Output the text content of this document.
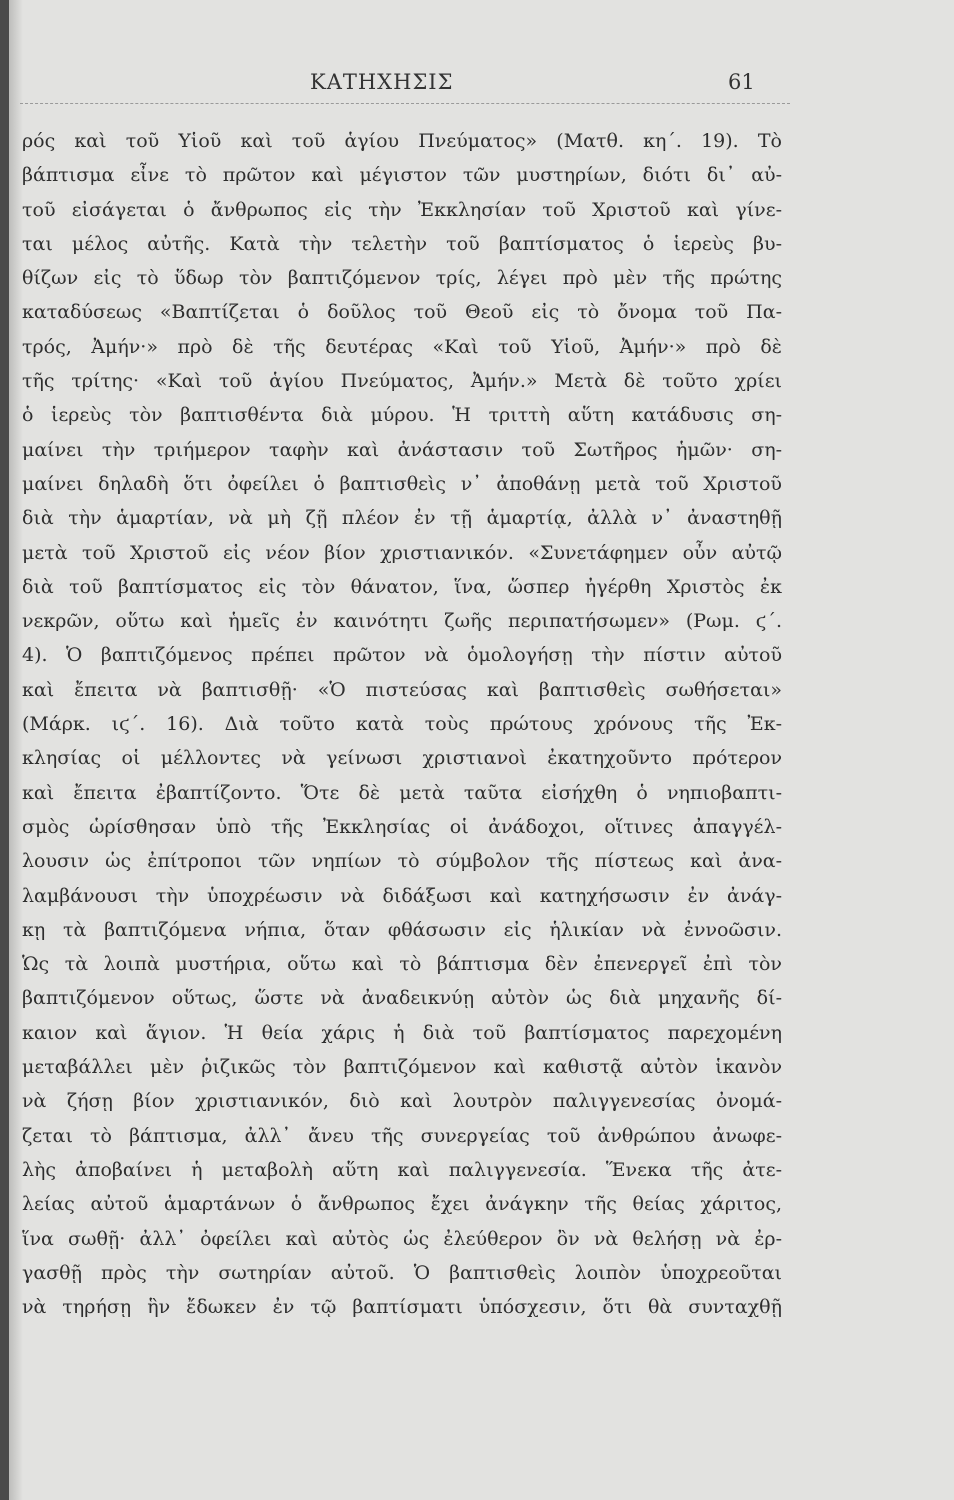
ΚΑΤΗΧΗΣΙΣ	61
ρός καὶ τοῦ Υἱοῦ καὶ τοῦ ἁγίου Πνεύματος» (Ματθ. κη΄. 19). Τὸ
βάπτισμα εἶνε τὸ πρῶτον καὶ μέγιστον τῶν μυστηρίων, διότι δι᾽ αὐ-
τοῦ εἰσάγεται ὁ ἄνθρωπος εἰς τὴν Ἐκκλησίαν τοῦ Χριστοῦ καὶ γίνε-
ται μέλος αὐτῆς. Κατὰ τὴν τελετὴν τοῦ βαπτίσματος ὁ ἱερεὺς βυ-
θίζων εἰς τὸ ὕδωρ τὸν βαπτιζόμενον τρίς, λέγει πρὸ μὲν τῆς πρώτης
καταδύσεως «Βαπτίζεται ὁ δοῦλος τοῦ Θεοῦ εἰς τὸ ὄνομα τοῦ Πα-
τρός, Ἀμήν·» πρὸ δὲ τῆς δευτέρας «Καὶ τοῦ Υἱοῦ, Ἀμήν·» πρὸ δὲ
τῆς τρίτης· «Καὶ τοῦ ἁγίου Πνεύματος, Ἀμήν.» Μετὰ δὲ τοῦτο χρίει
ὁ ἱερεὺς τὸν βαπτισθέντα διὰ μύρου. Ἡ τριττὴ αὕτη κατάδυσις ση-
μαίνει τὴν τριήμερον ταφὴν καὶ ἀνάστασιν τοῦ Σωτῆρος ἡμῶν· ση-
μαίνει δηλαδὴ ὅτι ὀφείλει ὁ βαπτισθεὶς ν᾽ ἀποθάνῃ μετὰ τοῦ Χριστοῦ
διὰ τὴν ἁμαρτίαν, νὰ μὴ ζῇ πλέον ἐν τῇ ἁμαρτίᾳ, ἀλλὰ ν᾽ ἀναστηθῇ
μετὰ τοῦ Χριστοῦ εἰς νέον βίον χριστιανικόν. «Συνετάφημεν οὖν αὐτῷ
διὰ τοῦ βαπτίσματος εἰς τὸν θάνατον, ἵνα, ὥσπερ ἠγέρθη Χριστὸς ἐκ
νεκρῶν, οὕτω καὶ ἡμεῖς ἐν καινότητι ζωῆς περιπατήσωμεν» (Ρωμ. ϛ΄.
4). Ὁ βαπτιζόμενος πρέπει πρῶτον νὰ ὁμολογήσῃ τὴν πίστιν αὐτοῦ
καὶ ἔπειτα νὰ βαπτισθῇ· «Ὁ πιστεύσας καὶ βαπτισθεὶς σωθήσεται»
(Μάρκ. ιϛ΄. 16). Διὰ τοῦτο κατὰ τοὺς πρώτους χρόνους τῆς Ἐκ-
κλησίας οἱ μέλλοντες νὰ γείνωσι χριστιανοὶ ἐκατηχοῦντο πρότερον
καὶ ἔπειτα ἐβαπτίζοντο. Ὅτε δὲ μετὰ ταῦτα εἰσήχθη ὁ νηπιοβαπτι-
σμὸς ὡρίσθησαν ὑπὸ τῆς Ἐκκλησίας οἱ ἀνάδοχοι, οἵτινες ἀπαγγέλ-
λουσιν ὡς ἐπίτροποι τῶν νηπίων τὸ σύμβολον τῆς πίστεως καὶ ἀνα-
λαμβάνουσι τὴν ὑποχρέωσιν νὰ διδάξωσι καὶ κατηχήσωσιν ἐν ἀνάγ-
κῃ τὰ βαπτιζόμενα νήπια, ὅταν φθάσωσιν εἰς ἡλικίαν νὰ ἐννοῶσιν.
Ὡς τὰ λοιπὰ μυστήρια, οὕτω καὶ τὸ βάπτισμα δὲν ἐπενεργεῖ ἐπὶ τὸν
βαπτιζόμενον οὕτως, ὥστε νὰ ἀναδεικνύῃ αὐτὸν ὡς διὰ μηχανῆς δί-
καιον καὶ ἅγιον. Ἡ θεία χάρις ἡ διὰ τοῦ βαπτίσματος παρεχομένη
μεταβάλλει μὲν ῥιζικῶς τὸν βαπτιζόμενον καὶ καθιστᾷ αὐτὸν ἱκανὸν
νὰ ζήσῃ βίον χριστιανικόν, διὸ καὶ λουτρὸν παλιγγενεσίας ὀνομά-
ζεται τὸ βάπτισμα, ἀλλ᾽ ἄνευ τῆς συνεργείας τοῦ ἀνθρώπου ἀνωφε-
λὴς ἀποβαίνει ἡ μεταβολὴ αὕτη καὶ παλιγγενεσία. Ἕνεκα τῆς ἀτε-
λείας αὐτοῦ ἁμαρτάνων ὁ ἄνθρωπος ἔχει ἀνάγκην τῆς θείας χάριτος,
ἵνα σωθῇ· ἀλλ᾽ ὀφείλει καὶ αὐτὸς ὡς ἐλεύθερον ὂν νὰ θελήσῃ νὰ ἐρ-
γασθῇ πρὸς τὴν σωτηρίαν αὐτοῦ. Ὁ βαπτισθεὶς λοιπὸν ὑποχρεοῦται
νὰ τηρήσῃ ἣν ἔδωκεν ἐν τῷ βαπτίσματι ὑπόσχεσιν, ὅτι θὰ συνταχθῇ
